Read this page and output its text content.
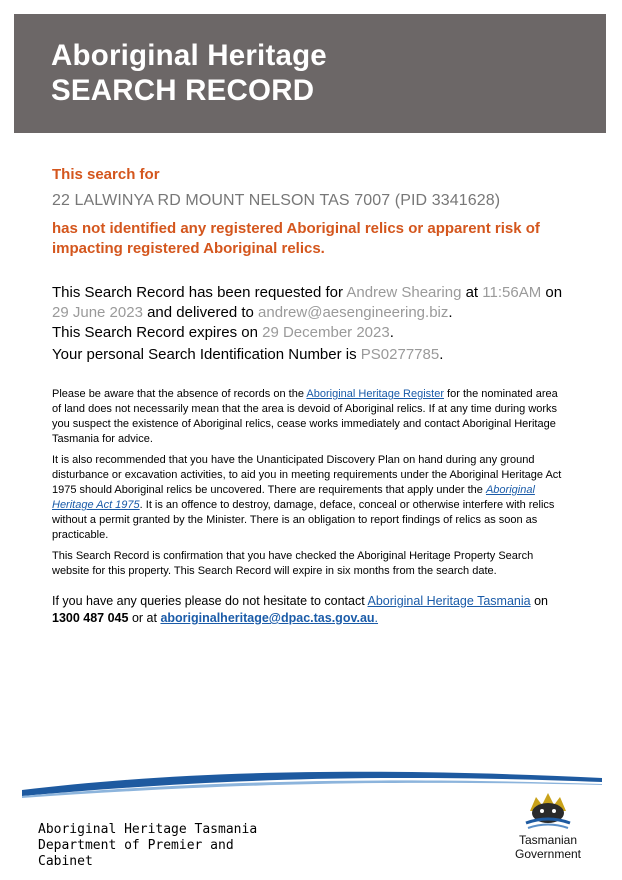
Aboriginal Heritage
SEARCH RECORD
This search for
22 LALWINYA RD MOUNT NELSON TAS 7007 (PID 3341628)
has not identified any registered Aboriginal relics or apparent risk of impacting registered Aboriginal relics.

This Search Record has been requested for Andrew Shearing at 11:56AM on 29 June 2023 and delivered to andrew@aesengineering.biz.

This Search Record expires on 29 December 2023.

Your personal Search Identification Number is PS0277785.

Please be aware that the absence of records on the Aboriginal Heritage Register for the nominated area of land does not necessarily mean that the area is devoid of Aboriginal relics. If at any time during works you suspect the existence of Aboriginal relics, cease works immediately and contact Aboriginal Heritage Tasmania for advice.

It is also recommended that you have the Unanticipated Discovery Plan on hand during any ground disturbance or excavation activities, to aid you in meeting requirements under the Aboriginal Heritage Act 1975 should Aboriginal relics be uncovered. There are requirements that apply under the Aboriginal Heritage Act 1975. It is an offence to destroy, damage, deface, conceal or otherwise interfere with relics without a permit granted by the Minister. There is an obligation to report findings of relics as soon as practicable.

This Search Record is confirmation that you have checked the Aboriginal Heritage Property Search website for this property. This Search Record will expire in six months from the search date.

If you have any queries please do not hesitate to contact Aboriginal Heritage Tasmania on 1300 487 045 or at aboriginalheritage@dpac.tas.gov.au.
Aboriginal Heritage Tasmania
Department of Premier and
Cabinet
Tasmanian
Government
